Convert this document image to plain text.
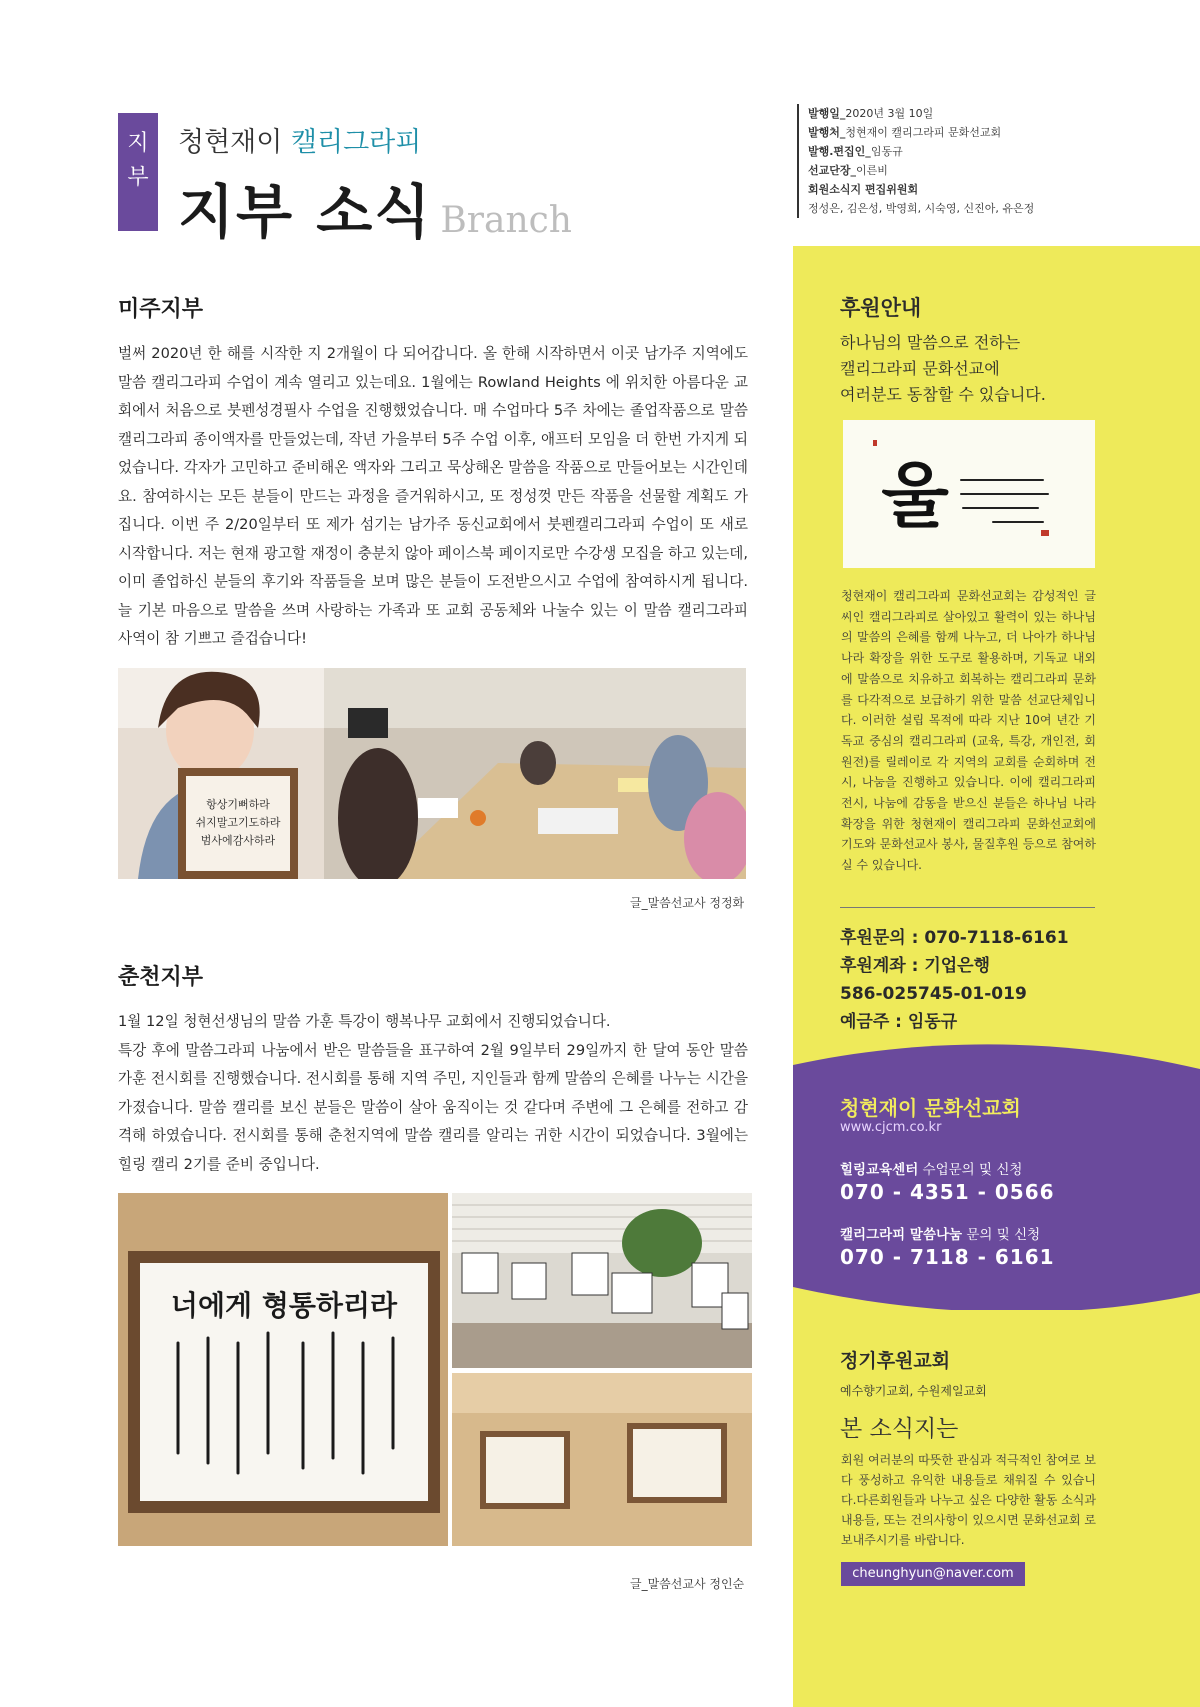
지
부
청현재이 캘리그라피
지부 소식 Branch
발행일_2020년 3월 10일
발행처_청현재이 캘리그라피 문화선교회
발행.편집인_임동규
선교단장_이른비
회원소식지 편집위원회
정성은, 김은성, 박영희, 시숙영, 신진아, 유은정
미주지부
벌써 2020년 한 해를 시작한 지 2개월이 다 되어갑니다. 올 한해 시작하면서 이곳 남가주 지역에도 말씀 캘리그라피 수업이 계속 열리고 있는데요. 1월에는 Rowland Heights 에 위치한 아름다운 교회에서 처음으로 붓펜성경필사 수업을 진행했었습니다. 매 수업마다 5주 차에는 졸업작품으로 말씀캘리그라피 종이액자를 만들었는데, 작년 가을부터 5주 수업 이후, 애프터 모임을 더 한번 가지게 되었습니다. 각자가 고민하고 준비해온 액자와 그리고 묵상해온 말씀을 작품으로 만들어보는 시간인데요. 참여하시는 모든 분들이 만드는 과정을 즐거워하시고, 또 정성껏 만든 작품을 선물할 계획도 가집니다. 이번 주 2/20일부터 또 제가 섬기는 남가주 동신교회에서 붓펜캘리그라피 수업이 또 새로 시작합니다. 저는 현재 광고할 재정이 충분치 않아 페이스북 페이지로만 수강생 모집을 하고 있는데, 이미 졸업하신 분들의 후기와 작품들을 보며 많은 분들이 도전받으시고 수업에 참여하시게 됩니다. 늘 기본 마음으로 말씀을 쓰며 사랑하는 가족과 또 교회 공동체와 나눌수 있는 이 말씀 캘리그라피 사역이 참 기쁘고 즐겁습니다!
항상기뻐하라
쉬지말고기도하라
범사에감사하라
글_말씀선교사 정정화
춘천지부
1월 12일 청현선생님의 말씀 가훈 특강이 행복나무 교회에서 진행되었습니다.
특강 후에 말씀그라피 나눔에서 받은 말씀들을 표구하여 2월 9일부터 29일까지 한 달여 동안 말씀가훈 전시회를 진행했습니다. 전시회를 통해 지역 주민, 지인들과 함께 말씀의 은혜를 나누는 시간을 가졌습니다. 말씀 캘리를 보신 분들은 말씀이 살아 움직이는 것 같다며 주변에 그 은혜를 전하고 감격해 하였습니다. 전시회를 통해 춘천지역에 말씀 캘리를 알리는 귀한 시간이 되었습니다. 3월에는 힐링 캘리 2기를 준비 중입니다.
너에게 형통하리라
글_말씀선교사 정인순
후원안내
하나님의 말씀으로 전하는
캘리그라피 문화선교에
여러분도 동참할 수 있습니다.
울
청현재이 캘리그라피 문화선교회는 감성적인 글씨인 캘리그라피로 살아있고 활력이 있는 하나님의 말씀의 은혜를 함께 나누고, 더 나아가 하나님 나라 확장을 위한 도구로 활용하며, 기독교 내외에 말씀으로 치유하고 회복하는 캘리그라피 문화를 다각적으로 보급하기 위한 말씀 선교단체입니다. 이러한 설립 목적에 따라 지난 10여 년간 기독교 중심의 캘리그라피 (교육, 특강, 개인전, 회원전)를 릴레이로 각 지역의 교회를 순회하며 전시, 나눔을 진행하고 있습니다. 이에 캘리그라피 전시, 나눔에 감동을 받으신 분들은 하나님 나라 확장을 위한 청현재이 캘리그라피 문화선교회에 기도와 문화선교사 봉사, 물질후원 등으로 참여하실 수 있습니다.
후원문의 : 070-7118-6161
후원계좌 : 기업은행
586-025745-01-019
예금주 : 임동규
청현재이 문화선교회
www.cjcm.co.kr
힐링교육센터 수업문의 및 신청
070 - 4351 - 0566
캘리그라피 말씀나눔 문의 및 신청
070 - 7118 - 6161
정기후원교회
예수향기교회, 수원제일교회
본 소식지는
회원 여러분의 따뜻한 관심과 적극적인 참여로 보다 풍성하고 유익한 내용들로 채워질 수 있습니다.다른회원들과 나누고 싶은 다양한 활동 소식과 내용들, 또는 건의사항이 있으시면 문화선교회 로 보내주시기를 바랍니다.
cheunghyun@naver.com
